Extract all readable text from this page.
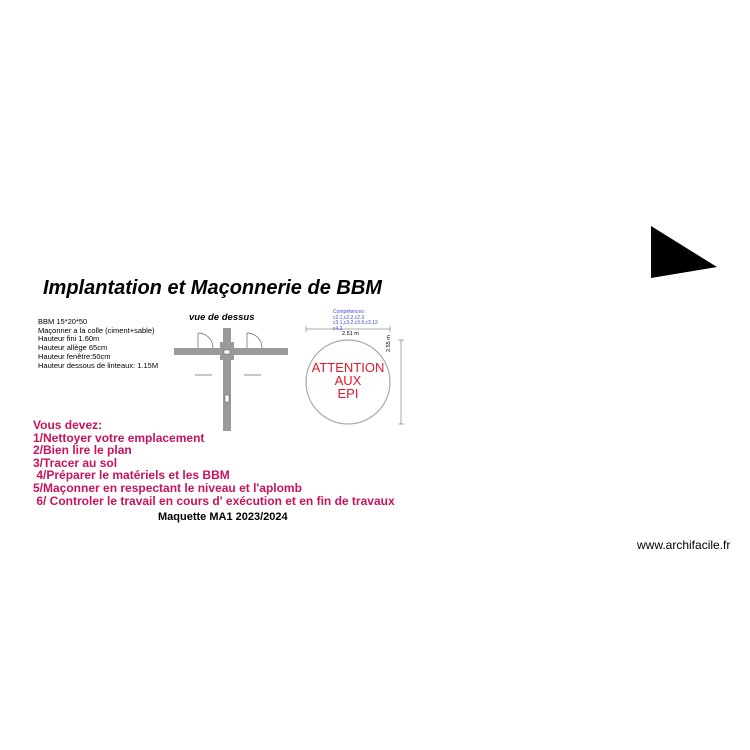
Implantation et Maçonnerie de BBM
BBM 15*20*50
Maçonner a la colle (ciment+sable)
Hauteur fini 1.60m
Hauteur allège 65cm
Hauteur fenêtre:50cm
Hauteur dessous de linteaux: 1.15M
vue de dessus	Compétences :
c2.1,c2.2,c2.3
c3.1,c3.2,c3.6,c3.12
c4.2
2.51 m
2.55 m
ATTENTION
AUX
EPI
Vous devez:
1/Nettoyer votre emplacement
2/Bien lire le plan
3/Tracer au sol
4/Préparer le matériels et les BBM
5/Maçonner en respectant le niveau et l'aplomb
6/ Controler le travail en cours d' exécution et en fin de travaux
Maquette MA1 2023/2024
www.archifacile.fr
